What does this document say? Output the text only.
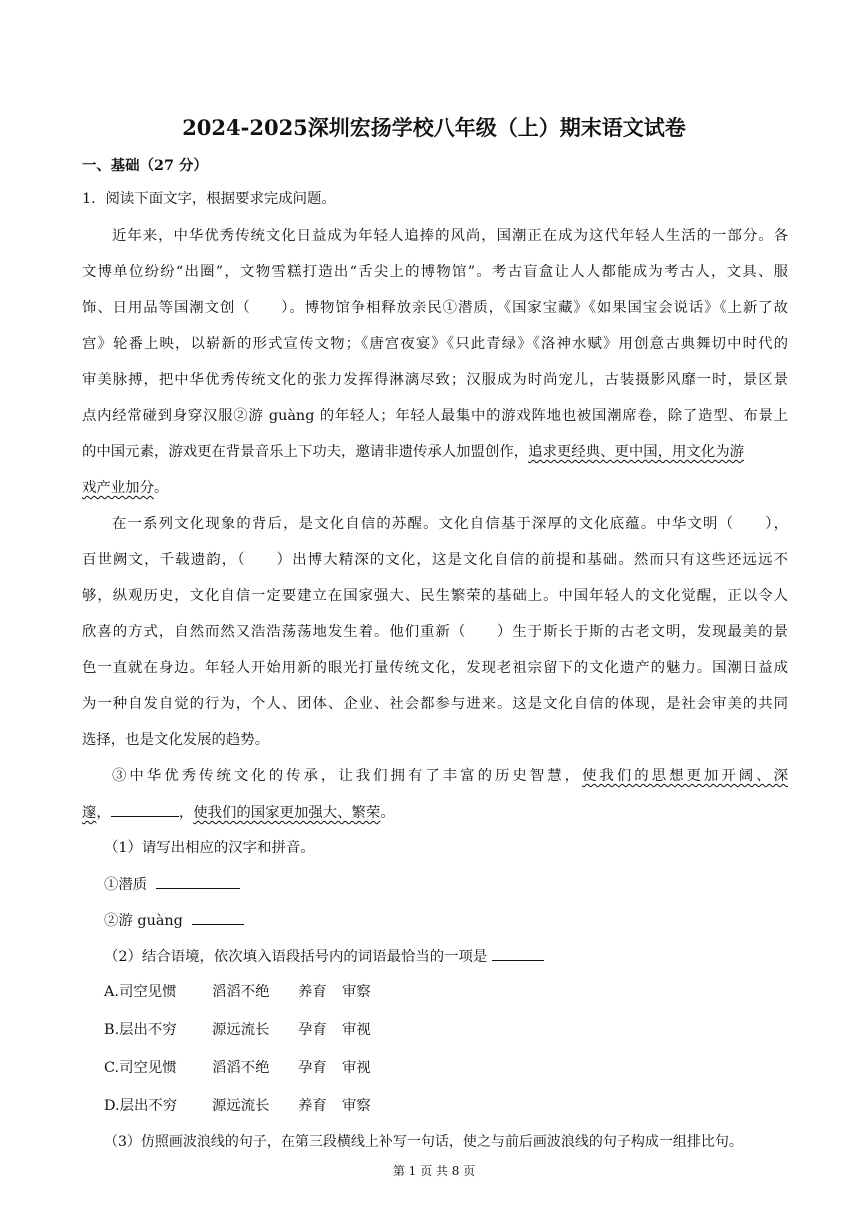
2024-2025深圳宏扬学校八年级（上）期末语文试卷
一、基础（27 分）
1．阅读下面文字，根据要求完成问题。
近年来，中华优秀传统文化日益成为年轻人追捧的风尚，国潮正在成为这代年轻人生活的一部分。各
文博单位纷纷“出圈”，文物雪糕打造出“舌尖上的博物馆”。考古盲盒让人人都能成为考古人，文具、服
饰、日用品等国潮文创（　　）。博物馆争相释放亲民①潜质，《国家宝藏》《如果国宝会说话》《上新了故
宫》轮番上映，以崭新的形式宣传文物；《唐宫夜宴》《只此青绿》《洛神水赋》用创意古典舞切中时代的
审美脉搏，把中华优秀传统文化的张力发挥得淋漓尽致；汉服成为时尚宠儿，古装摄影风靡一时，景区景
点内经常碰到身穿汉服②游 guàng 的年轻人；年轻人最集中的游戏阵地也被国潮席卷，除了造型、布景上
的中国元素，游戏更在背景音乐上下功夫，邀请非遗传承人加盟创作，追求更经典、更中国，用文化为游
戏产业加分。
在一系列文化现象的背后，是文化自信的苏醒。文化自信基于深厚的文化底蕴。中华文明（　　），
百世阙文，千载遗韵，（　　）出博大精深的文化，这是文化自信的前提和基础。然而只有这些还远远不
够，纵观历史，文化自信一定要建立在国家强大、民生繁荣的基础上。中国年轻人的文化觉醒，正以令人
欣喜的方式，自然而然又浩浩荡荡地发生着。他们重新（　　）生于斯长于斯的古老文明，发现最美的景
色一直就在身边。年轻人开始用新的眼光打量传统文化，发现老祖宗留下的文化遗产的魅力。国潮日益成
为一种自发自觉的行为，个人、团体、企业、社会都参与进来。这是文化自信的体现，是社会审美的共同
选择，也是文化发展的趋势。
③中华优秀传统文化的传承，让我们拥有了丰富的历史智慧，使我们的思想更加开阔、深
邃，	，使我们的国家更加强大、繁荣。
（1）请写出相应的汉字和拼音。
①潜质
②游 guàng
（2）结合语境，依次填入语段括号内的词语最恰当的一项是
A.司空见惯 滔滔不绝 养育 审察
B.层出不穷 源远流长 孕育 审视
C.司空见惯 滔滔不绝 孕育 审视
D.层出不穷 源远流长 养育 审察
（3）仿照画波浪线的句子，在第三段横线上补写一句话，使之与前后画波浪线的句子构成一组排比句。
第 1 页 共 8 页
